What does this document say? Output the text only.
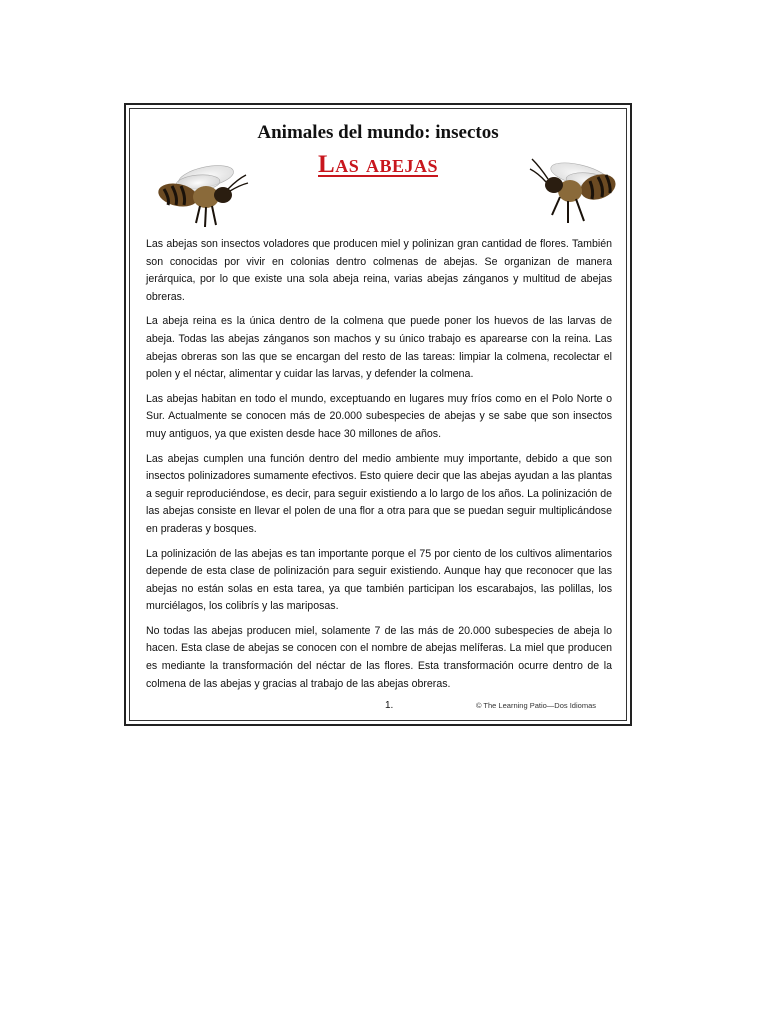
Animales del mundo: insectos
Las abejas

Las abejas son insectos voladores que producen miel y polinizan gran cantidad de flores. También son conocidas por vivir en colonias dentro colmenas de abejas. Se organizan de manera jerárquica, por lo que existe una sola abeja reina, varias abejas zánganos y multitud de abejas obreras.

La abeja reina es la única dentro de la colmena que puede poner los huevos de las larvas de abeja. Todas las abejas zánganos son machos y su único trabajo es aparearse con la reina. Las abejas obreras son las que se encargan del resto de las tareas: limpiar la colmena, recolectar el polen y el néctar, alimentar y cuidar las larvas, y defender la colmena.

Las abejas habitan en todo el mundo, exceptuando en lugares muy fríos como en el Polo Norte o Sur. Actualmente se conocen más de 20.000 subespecies de abejas y se sabe que son insectos muy antiguos, ya que existen desde hace 30 millones de años.

Las abejas cumplen una función dentro del medio ambiente muy importante, debido a que son insectos polinizadores sumamente efectivos. Esto quiere decir que las abejas ayudan a las plantas a seguir reproduciéndose, es decir, para seguir existiendo a lo largo de los años. La polinización de las abejas consiste en llevar el polen de una flor a otra para que se puedan seguir multiplicándose en praderas y bosques.

La polinización de las abejas es tan importante porque el 75 por ciento de los cultivos alimentarios depende de esta clase de polinización para seguir existiendo. Aunque hay que reconocer que las abejas no están solas en esta tarea, ya que también participan los escarabajos, las polillas, los murciélagos, los colibrís y las mariposas.

No todas las abejas producen miel, solamente 7 de las más de 20.000 subespecies de abeja lo hacen. Esta clase de abejas se conocen con el nombre de abejas melíferas. La miel que producen es mediante la transformación del néctar de las flores. Esta transformación ocurre dentro de la colmena de las abejas y gracias al trabajo de las abejas obreras.

1.	© The Learning Patio—Dos Idiomas
